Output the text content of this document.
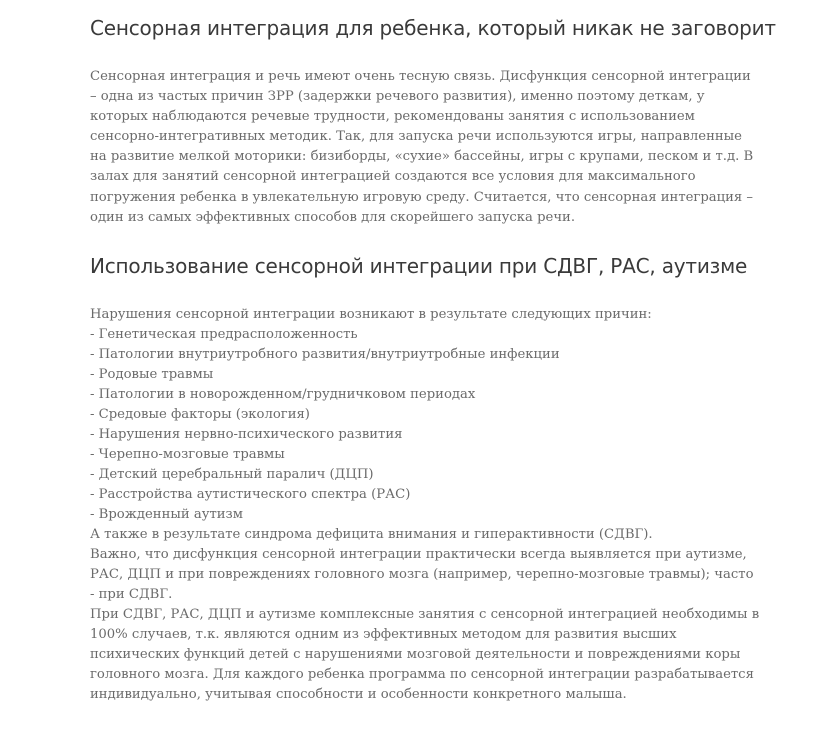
Сенсорная интеграция для ребенка, который никак не заговорит

Сенсорная интеграция и речь имеют очень тесную связь. Дисфункция сенсорной интеграции – одна из частых причин ЗРР (задержки речевого развития), именно поэтому деткам, у которых наблюдаются речевые трудности, рекомендованы занятия с использованием сенсорно-интегративных методик. Так, для запуска речи используются игры, направленные на развитие мелкой моторики: бизиборды, «сухие» бассейны, игры с крупами, песком и т.д. В залах для занятий сенсорной интеграцией создаются все условия для максимального погружения ребенка в увлекательную игровую среду. Считается, что сенсорная интеграция – один из самых эффективных способов для скорейшего запуска речи.

Использование сенсорной интеграции при СДВГ, РАС, аутизме
Нарушения сенсорной интеграции возникают в результате следующих причин:
- Генетическая предрасположенность
- Патологии внутриутробного развития/внутриутробные инфекции
- Родовые травмы
- Патологии в новорожденном/грудничковом периодах
- Средовые факторы (экология)
- Нарушения нервно-психического развития
- Черепно-мозговые травмы
- Детский церебральный паралич (ДЦП)
- Расстройства аутистического спектра (РАС)
- Врожденный аутизм
А также в результате синдрома дефицита внимания и гиперактивности (СДВГ).
Важно, что дисфункция сенсорной интеграции практически всегда выявляется при аутизме, РАС, ДЦП и при повреждениях головного мозга (например, черепно-мозговые травмы); часто - при СДВГ.
При СДВГ, РАС, ДЦП и аутизме комплексные занятия с сенсорной интеграцией необходимы в 100% случаев, т.к. являются одним из эффективных методом для развития высших психических функций детей с нарушениями мозговой деятельности и повреждениями коры головного мозга. Для каждого ребенка программа по сенсорной интеграции разрабатывается индивидуально, учитывая способности и особенности конкретного малыша.
